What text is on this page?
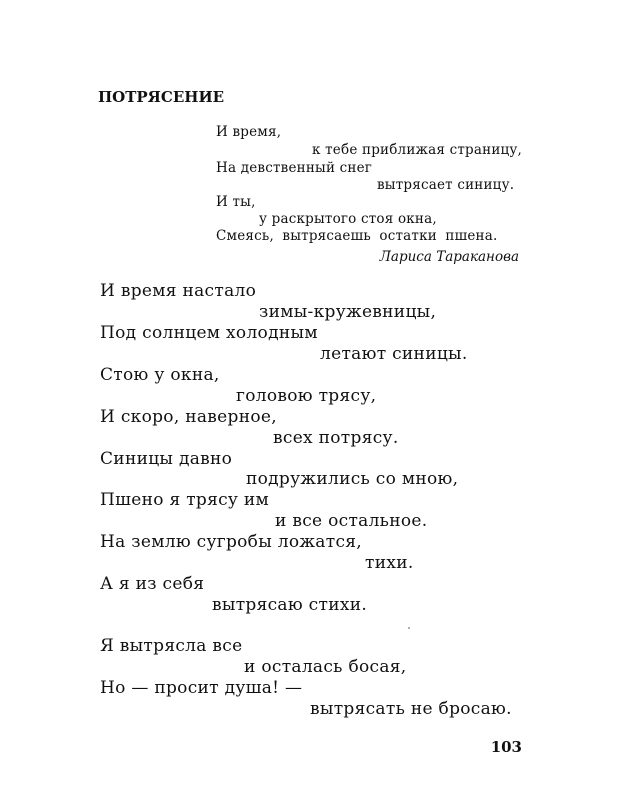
ПОТРЯСЕНИЕ
И время,
к тебе приближая страницу,
На девственный снег
вытрясает синицу.
И ты,
у раскрытого стоя окна,
Смеясь, вытрясаешь остатки пшена.
Лариса Тараканова
И время настало
зимы-кружевницы,
Под солнцем холодным
летают синицы.
Стою у окна,
головою трясу,
И скоро, наверное,
всех потрясу.
Синицы давно
подружились со мною,
Пшено я трясу им
и все остальное.
На землю сугробы ложатся,
тихи.
А я из себя
вытрясаю стихи.
Я вытрясла все
и осталась босая,
Но — просит душа! —
вытрясать не бросаю.
103
